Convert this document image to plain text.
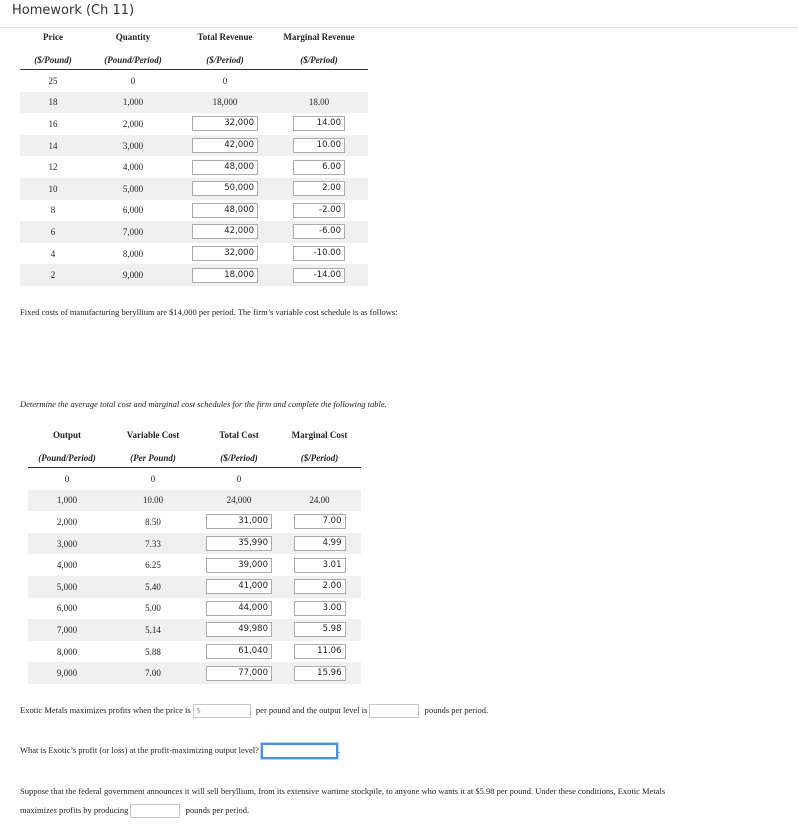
Homework (Ch 11)
Price	Quantity	Total Revenue	Marginal Revenue
($/Pound)	(Pound/Period)	($/Period)	($/Period)
25	0	0	
18	1,000	18,000	18.00
16	2,000	32,000	14.00
14	3,000	42,000	10.00
12	4,000	48,000	6.00
10	5,000	50,000	2.00
8	6,000	48,000	-2.00
6	7,000	42,000	-6.00
4	8,000	32,000	-10.00
2	9,000	18,000	-14.00
Fixed costs of manufacturing beryllium are $14,000 per period. The firm’s variable cost schedule is as follows:
Determine the average total cost and marginal cost schedules for the firm and complete the following table.
Output	Variable Cost	Total Cost	Marginal Cost
(Pound/Period)	(Per Pound)	($/Period)	($/Period)
0	0	0	
1,000	10.00	24,000	24.00
2,000	8.50	31,000	7.00
3,000	7.33	35,990	4.99
4,000	6.25	39,000	3.01
5,000	5.40	41,000	2.00
6,000	5.00	44,000	3.00
7,000	5.14	49,980	5.98
8,000	5.88	61,040	11.06
9,000	7.00	77,000	15.96
Exotic Metals maximizes profits when the price is $	per pound and the output level is	pounds per period.
What is Exotic’s profit (or loss) at the profit-maximizing output level?	.
Suppose that the federal government announces it will sell beryllium, from its extensive wartime stockpile, to anyone who wants it at $5.98 per pound. Under these conditions, Exotic Metals
maximizes profits by producing	pounds per period.
